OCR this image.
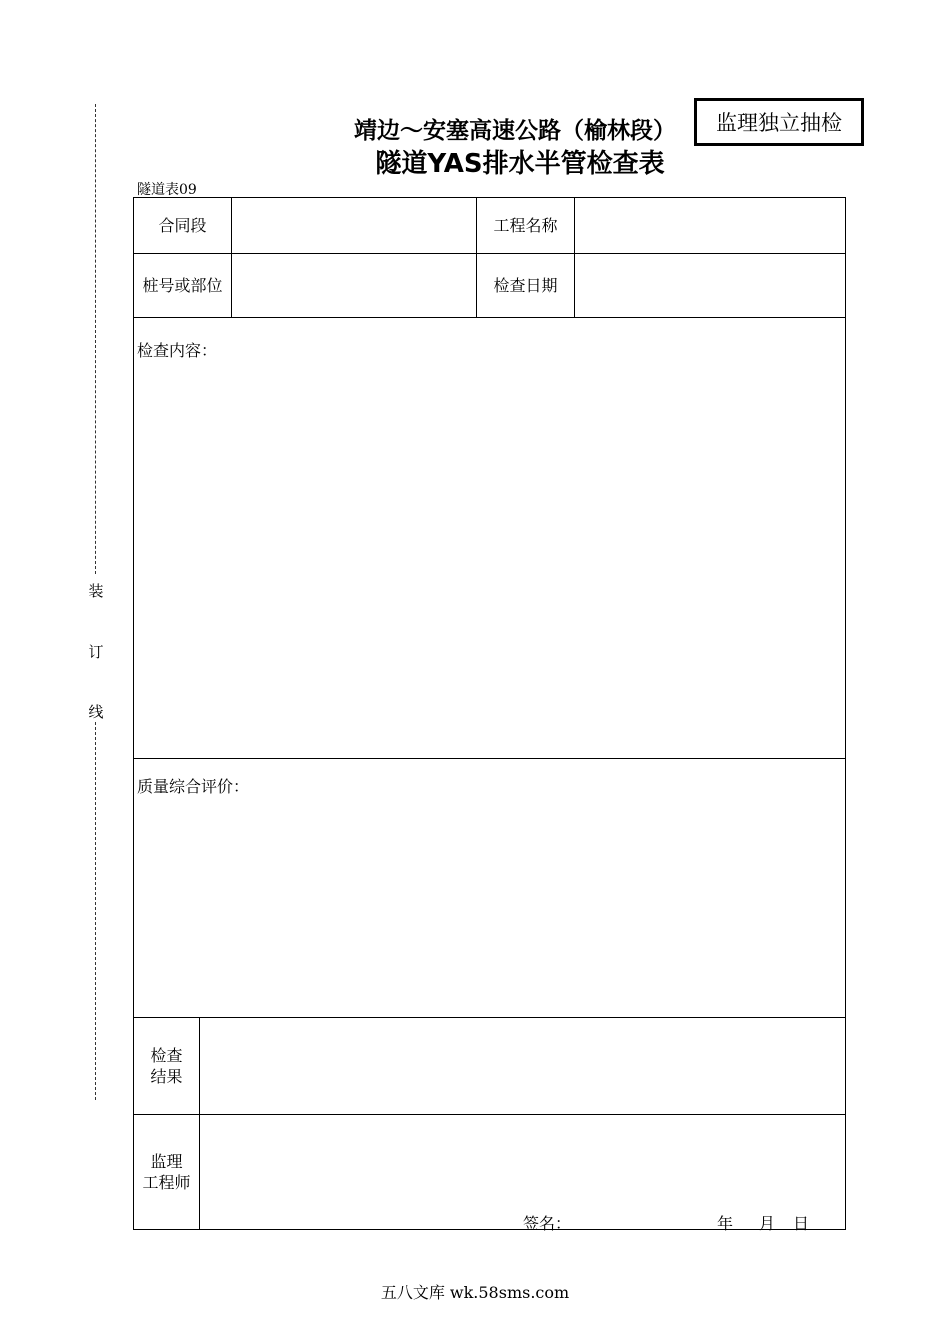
装
订
线
靖边～安塞高速公路（榆林段）
隧道YAS排水半管检查表
监理独立抽检
隧道表09
合同段	工程名称
桩号或部位	检查日期
检查内容：
质量综合评价：
检查
结果
监理
工程师
签名：	年 月 日
五八文库 wk.58sms.com
